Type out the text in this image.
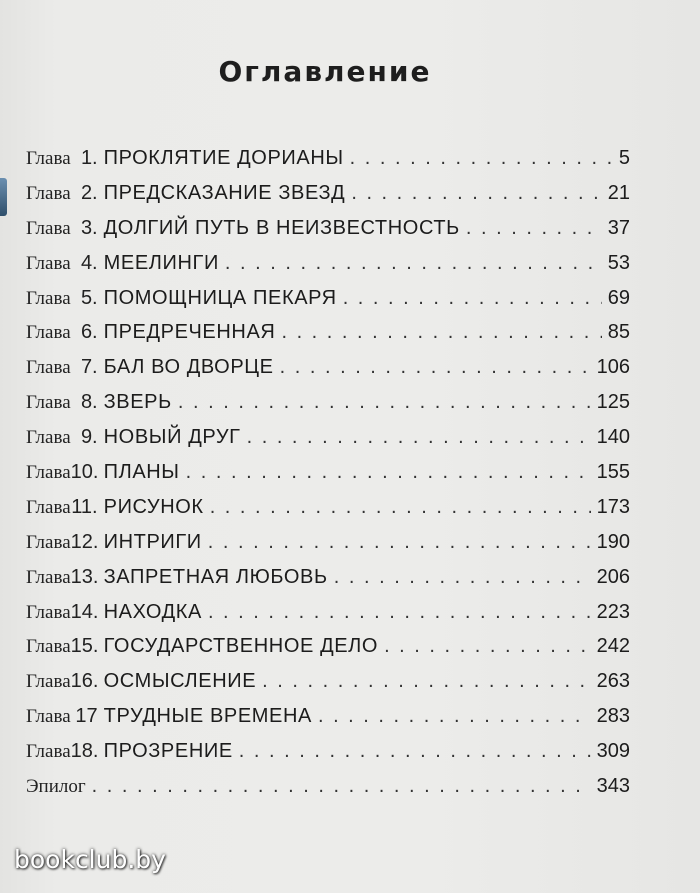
Оглавление
Глава 1. ПРОКЛЯТИЕ ДОРИАНЫ . . .	5
Глава 2. ПРЕДСКАЗАНИЕ ЗВЕЗД . . .	21
Глава 3. ДОЛГИЙ ПУТЬ В НЕИЗВЕСТНОСТЬ . . .	37
Глава 4. МЕЕЛИНГИ . . .	53
Глава 5. ПОМОЩНИЦА ПЕКАРЯ . . .	69
Глава 6. ПРЕДРЕЧЕННАЯ . . .	85
Глава 7. БАЛ ВО ДВОРЦЕ . . .	106
Глава 8. ЗВЕРЬ . . .	125
Глава 9. НОВЫЙ ДРУГ . . .	140
Глава10. ПЛАНЫ . . .	155
Глава11. РИСУНОК . . .	173
Глава12. ИНТРИГИ . . .	190
Глава13. ЗАПРЕТНАЯ ЛЮБОВЬ . . .	206
Глава14. НАХОДКА . . .	223
Глава15. ГОСУДАРСТВЕННОЕ ДЕЛО . . .	242
Глава16. ОСМЫСЛЕНИЕ . . .	263
Глава 17 ТРУДНЫЕ ВРЕМЕНА . . .	283
Глава18. ПРОЗРЕНИЕ . . .	309
Эпилог . . .	343
bookclub.by
